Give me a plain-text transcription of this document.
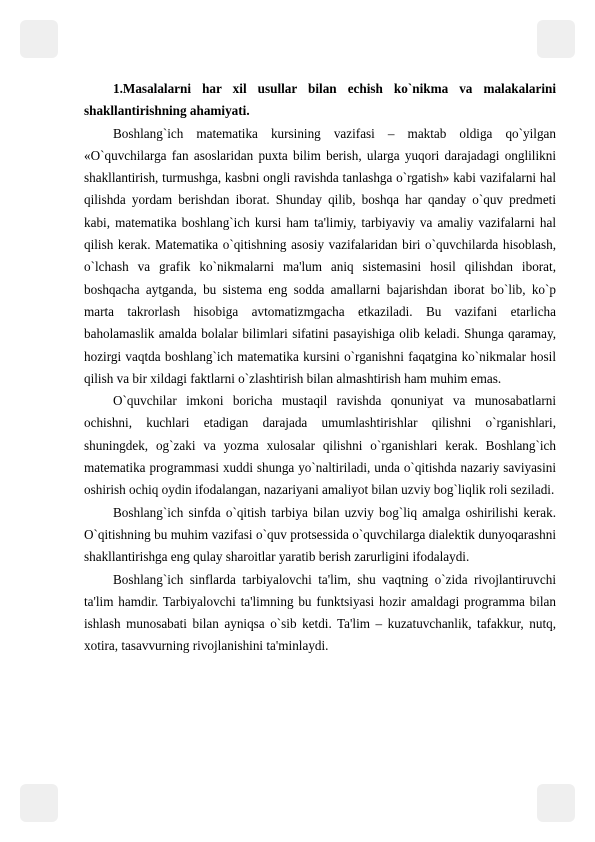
1.Masalalarni har xil usullar bilan echish ko`nikma va malakalarini shakllantirishning ahamiyati.

Boshlang`ich matematika kursining vazifasi – maktab oldiga qo`yilgan «O`quvchilarga fan asoslaridan puxta bilim berish, ularga yuqori darajadagi onglilikni shakllantirish, turmushga, kasbni ongli ravishda tanlashga o`rgatish» kabi vazifalarni hal qilishda yordam berishdan iborat. Shunday qilib, boshqa har qanday o`quv predmeti kabi, matematika boshlang`ich kursi ham ta'limiy, tarbiyaviy va amaliy vazifalarni hal qilish kerak. Matematika o`qitishning asosiy vazifalaridan biri o`quvchilarda hisoblash, o`lchash va grafik ko`nikmalarni ma'lum aniq sistemasini hosil qilishdan iborat, boshqacha aytganda, bu sistema eng sodda amallarni bajarishdan iborat bo`lib, ko`p marta takrorlash hisobiga avtomatizmgacha etkaziladi. Bu vazifani etarlicha baholamaslik amalda bolalar bilimlari sifatini pasayishiga olib keladi. Shunga qaramay, hozirgi vaqtda boshlang`ich matematika kursini o`rganishni faqatgina ko`nikmalar hosil qilish va bir xildagi faktlarni o`zlashtirish bilan almashtirish ham muhim emas.

O`quvchilar imkoni boricha mustaqil ravishda qonuniyat va munosabatlarni ochishni, kuchlari etadigan darajada umumlashtirishlar qilishni o`rganishlari, shuningdek, og`zaki va yozma xulosalar qilishni o`rganishlari kerak. Boshlang`ich matematika programmasi xuddi shunga yo`naltiriladi, unda o`qitishda nazariy saviyasini oshirish ochiq oydin ifodalangan, nazariyani amaliyot bilan uzviy bog`liqlik roli seziladi.

Boshlang`ich sinfda o`qitish tarbiya bilan uzviy bog`liq amalga oshirilishi kerak. O`qitishning bu muhim vazifasi o`quv protsessida o`quvchilarga dialektik dunyoqarashni shakllantirishga eng qulay sharoitlar yaratib berish zarurligini ifodalaydi.

Boshlang`ich sinflarda tarbiyalovchi ta'lim, shu vaqtning o`zida rivojlantiruvchi ta'lim hamdir. Tarbiyalovchi ta'limning bu funktsiyasi hozir amaldagi programma bilan ishlash munosabati bilan ayniqsa o`sib ketdi. Ta'lim – kuzatuvchanlik, tafakkur, nutq, xotira, tasavvurning rivojlanishini ta'minlaydi.
